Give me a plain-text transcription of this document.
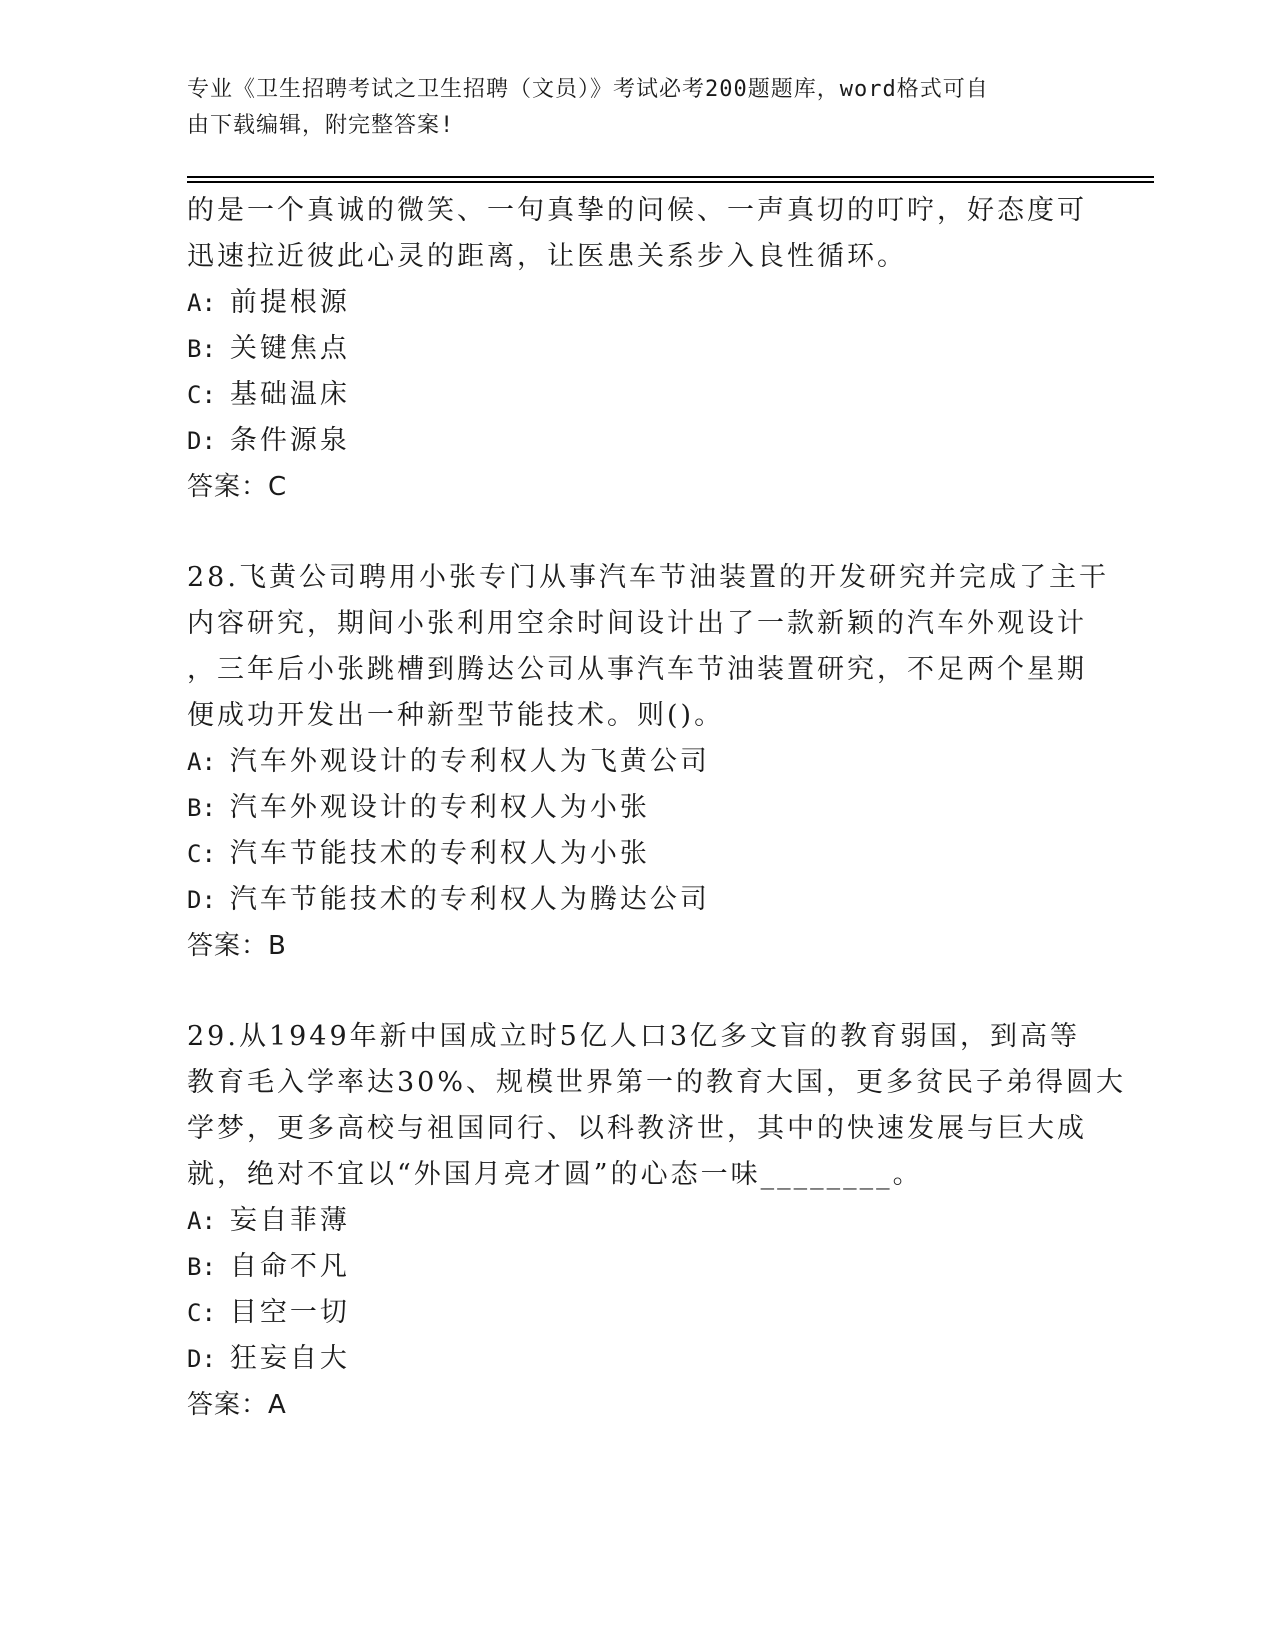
专业《卫生招聘考试之卫生招聘（文员）》考试必考200题题库，word格式可自
由下载编辑，附完整答案!
的是一个真诚的微笑、一句真挚的问候、一声真切的叮咛，好态度可
迅速拉近彼此心灵的距离，让医患关系步入良性循环。
A: 前提根源
B: 关键焦点
C: 基础温床
D: 条件源泉
答案：C
28.飞黄公司聘用小张专门从事汽车节油装置的开发研究并完成了主干
内容研究，期间小张利用空余时间设计出了一款新颖的汽车外观设计
，三年后小张跳槽到腾达公司从事汽车节油装置研究，不足两个星期
便成功开发出一种新型节能技术。则()。
A: 汽车外观设计的专利权人为飞黄公司
B: 汽车外观设计的专利权人为小张
C: 汽车节能技术的专利权人为小张
D: 汽车节能技术的专利权人为腾达公司
答案：B
29.从1949年新中国成立时5亿人口3亿多文盲的教育弱国，到高等
教育毛入学率达30%、规模世界第一的教育大国，更多贫民子弟得圆大
学梦，更多高校与祖国同行、以科教济世，其中的快速发展与巨大成
就，绝对不宜以“外国月亮才圆”的心态一味________。
A: 妄自菲薄
B: 自命不凡
C: 目空一切
D: 狂妄自大
答案：A
